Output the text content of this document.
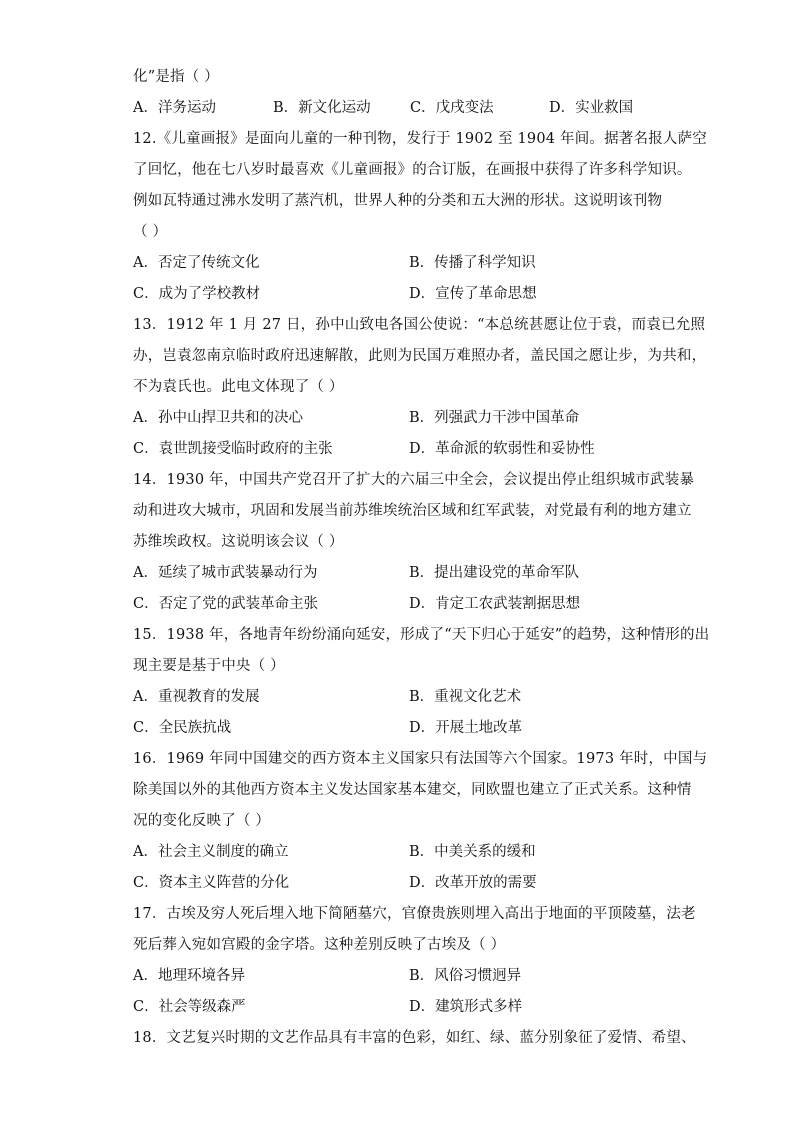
化”是指（ ）
A．洋务运动	B．新文化运动	C．戊戌变法	D．实业救国
12.《儿童画报》是面向儿童的一种刊物，发行于 1902 至 1904 年间。据著名报人萨空
了回忆，他在七八岁时最喜欢《儿童画报》的合订版，在画报中获得了许多科学知识。
例如瓦特通过沸水发明了蒸汽机，世界人种的分类和五大洲的形状。这说明该刊物
（ ）
A．否定了传统文化	B．传播了科学知识
C．成为了学校教材	D．宣传了革命思想
13．1912 年 1 月 27 日，孙中山致电各国公使说：“本总统甚愿让位于袁，而袁已允照
办，岂袁忽南京临时政府迅速解散，此则为民国万难照办者，盖民国之愿让步，为共和，
不为袁氏也。此电文体现了（ ）
A．孙中山捍卫共和的决心	B．列强武力干涉中国革命
C．袁世凯接受临时政府的主张	D．革命派的软弱性和妥协性
14．1930 年，中国共产党召开了扩大的六届三中全会，会议提出停止组织城市武装暴
动和进攻大城市，巩固和发展当前苏维埃统治区域和红军武装，对党最有利的地方建立
苏维埃政权。这说明该会议（ ）
A．延续了城市武装暴动行为	B．提出建设党的革命军队
C．否定了党的武装革命主张	D．肯定工农武装割据思想
15．1938 年，各地青年纷纷涌向延安，形成了“天下归心于延安”的趋势，这种情形的出
现主要是基于中央（ ）
A．重视教育的发展	B．重视文化艺术
C．全民族抗战	D．开展土地改革
16．1969 年同中国建交的西方资本主义国家只有法国等六个国家。1973 年时，中国与
除美国以外的其他西方资本主义发达国家基本建交，同欧盟也建立了正式关系。这种情
况的变化反映了（ ）
A．社会主义制度的确立	B．中美关系的缓和
C．资本主义阵营的分化	D．改革开放的需要
17．古埃及穷人死后埋入地下简陋墓穴，官僚贵族则埋入高出于地面的平顶陵墓，法老
死后葬入宛如宫殿的金字塔。这种差别反映了古埃及（ ）
A．地理环境各异	B．风俗习惯迥异
C．社会等级森严	D．建筑形式多样
18．文艺复兴时期的文艺作品具有丰富的色彩，如红、绿、蓝分别象征了爱情、希望、
